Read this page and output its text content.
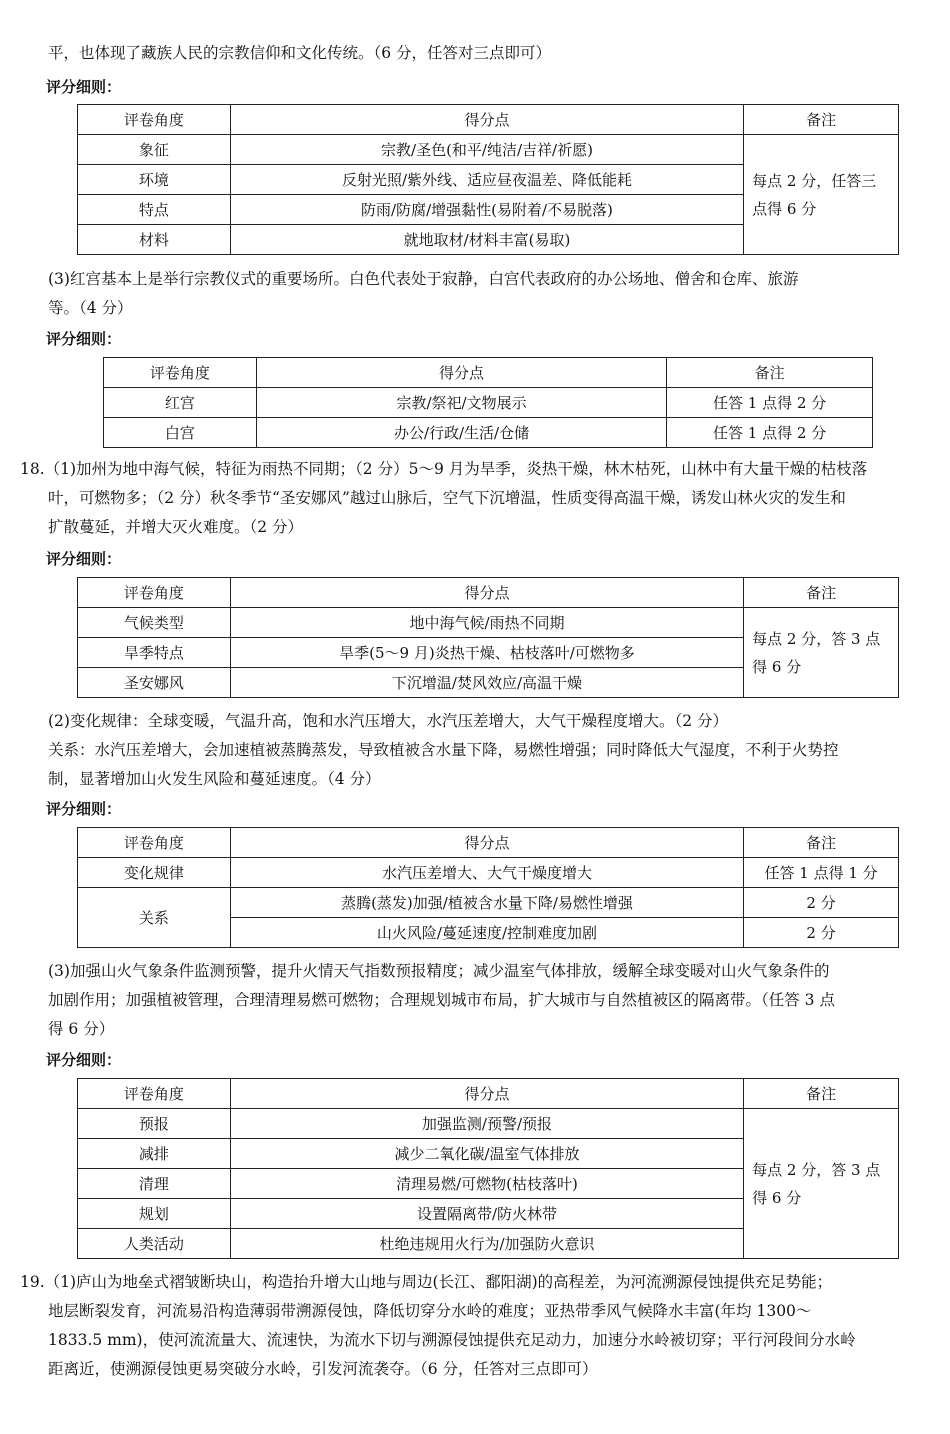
平，也体现了藏族人民的宗教信仰和文化传统。（6 分，任答对三点即可）
评分细则：
评卷角度	得分点	备注
象征	宗教/圣色(和平/纯洁/吉祥/祈愿)	每点 2 分，任答三
点得 6 分

环境	反射光照/紫外线、适应昼夜温差、降低能耗	
特点	防雨/防腐/增强黏性(易附着/不易脱落)	
材料	就地取材/材料丰富(易取)	
(3)红宫基本上是举行宗教仪式的重要场所。白色代表处于寂静，白宫代表政府的办公场地、僧舍和仓库、旅游
等。（4 分）
评分细则：
评卷角度	得分点	备注
红宫	宗教/祭祀/文物展示	任答 1 点得 2 分
白宫	办公/行政/生活/仓储	任答 1 点得 2 分
18.（1)加州为地中海气候，特征为雨热不同期；（2 分）5～9 月为旱季，炎热干燥，林木枯死，山林中有大量干燥的枯枝落
叶，可燃物多；（2 分）秋冬季节“圣安娜风”越过山脉后，空气下沉增温，性质变得高温干燥，诱发山林火灾的发生和
扩散蔓延，并增大灭火难度。（2 分）
评分细则：
评卷角度	得分点	备注
气候类型	地中海气候/雨热不同期	每点 2 分，答 3 点
得 6 分

旱季特点	旱季(5～9 月)炎热干燥、枯枝落叶/可燃物多	
圣安娜风	下沉增温/焚风效应/高温干燥	
(2)变化规律：全球变暖，气温升高，饱和水汽压增大，水汽压差增大，大气干燥程度增大。（2 分）
关系：水汽压差增大，会加速植被蒸腾蒸发，导致植被含水量下降，易燃性增强；同时降低大气湿度，不利于火势控
制，显著增加山火发生风险和蔓延速度。（4 分）
评分细则：
评卷角度	得分点	备注
变化规律	水汽压差增大、大气干燥度增大	任答 1 点得 1 分
关系	蒸腾(蒸发)加强/植被含水量下降/易燃性增强	2 分
	山火风险/蔓延速度/控制难度加剧	2 分
(3)加强山火气象条件监测预警，提升火情天气指数预报精度；减少温室气体排放，缓解全球变暖对山火气象条件的
加剧作用；加强植被管理，合理清理易燃可燃物；合理规划城市布局，扩大城市与自然植被区的隔离带。（任答 3 点
得 6 分）
评分细则：
评卷角度	得分点	备注
预报	加强监测/预警/预报	每点 2 分，答 3 点
得 6 分

减排	减少二氧化碳/温室气体排放	
清理	清理易燃/可燃物(枯枝落叶)	
规划	设置隔离带/防火林带	
人类活动	杜绝违规用火行为/加强防火意识	
19.（1)庐山为地垒式褶皱断块山，构造抬升增大山地与周边(长江、鄱阳湖)的高程差，为河流溯源侵蚀提供充足势能；
地层断裂发育，河流易沿构造薄弱带溯源侵蚀，降低切穿分水岭的难度；亚热带季风气候降水丰富(年均 1300～
1833.5 mm)，使河流流量大、流速快，为流水下切与溯源侵蚀提供充足动力，加速分水岭被切穿；平行河段间分水岭
距离近，使溯源侵蚀更易突破分水岭，引发河流袭夺。（6 分，任答对三点即可）
